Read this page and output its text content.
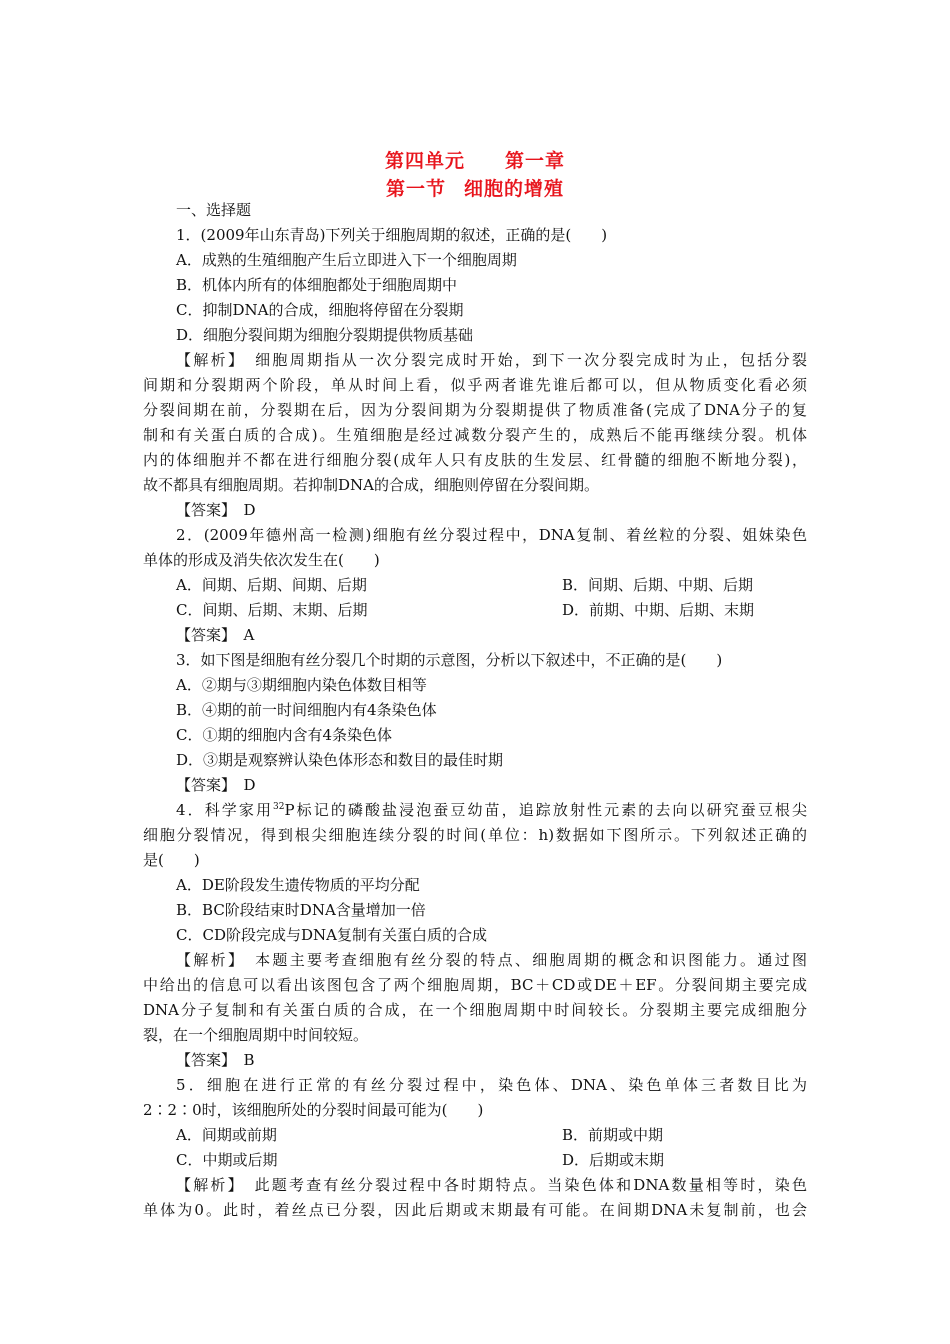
第四单元 第一章
第一节 细胞的增殖
一、选择题
1．(2009年山东青岛)下列关于细胞周期的叙述，正确的是(　　)
A．成熟的生殖细胞产生后立即进入下一个细胞周期
B．机体内所有的体细胞都处于细胞周期中
C．抑制DNA的合成，细胞将停留在分裂期
D．细胞分裂间期为细胞分裂期提供物质基础
【解析】　细胞周期指从一次分裂完成时开始，到下一次分裂完成时为止，包括分裂
间期和分裂期两个阶段，单从时间上看，似乎两者谁先谁后都可以，但从物质变化看必须
分裂间期在前，分裂期在后，因为分裂间期为分裂期提供了物质准备(完成了DNA分子的复
制和有关蛋白质的合成)。生殖细胞是经过减数分裂产生的，成熟后不能再继续分裂。机体
内的体细胞并不都在进行细胞分裂(成年人只有皮肤的生发层、红骨髓的细胞不断地分裂)，
故不都具有细胞周期。若抑制DNA的合成，细胞则停留在分裂间期。
【答案】　D
2．(2009年德州高一检测)细胞有丝分裂过程中，DNA复制、着丝粒的分裂、姐妹染色
单体的形成及消失依次发生在(　　)
A．间期、后期、间期、后期	B．间期、后期、中期、后期
C．间期、后期、末期、后期	D．前期、中期、后期、末期
【答案】　A
3．如下图是细胞有丝分裂几个时期的示意图，分析以下叙述中，不正确的是(　　)
A．②期与③期细胞内染色体数目相等
B．④期的前一时间细胞内有4条染色体
C．①期的细胞内含有4条染色体
D．③期是观察辨认染色体形态和数目的最佳时期
【答案】　D
4．科学家用$^{32}$P标记的磷酸盐浸泡蚕豆幼苗，追踪放射性元素的去向以研究蚕豆根尖
细胞分裂情况，得到根尖细胞连续分裂的时间(单位：h)数据如下图所示。下列叙述正确的
是(　　)
A．DE阶段发生遗传物质的平均分配
B．BC阶段结束时DNA含量增加一倍
C．CD阶段完成与DNA复制有关蛋白质的合成
【解析】　本题主要考查细胞有丝分裂的特点、细胞周期的概念和识图能力。通过图
中给出的信息可以看出该图包含了两个细胞周期，BC＋CD或DE＋EF。分裂间期主要完成
DNA分子复制和有关蛋白质的合成，在一个细胞周期中时间较长。分裂期主要完成细胞分
裂，在一个细胞周期中时间较短。
【答案】　B
5．细胞在进行正常的有丝分裂过程中，染色体、DNA、染色单体三者数目比为
2∶2∶0时，该细胞所处的分裂时间最可能为(　　)
A．间期或前期	B．前期或中期
C．中期或后期	D．后期或末期
【解析】　此题考查有丝分裂过程中各时期特点。当染色体和DNA数量相等时，染色
单体为0。此时，着丝点已分裂，因此后期或末期最有可能。在间期DNA未复制前，也会
